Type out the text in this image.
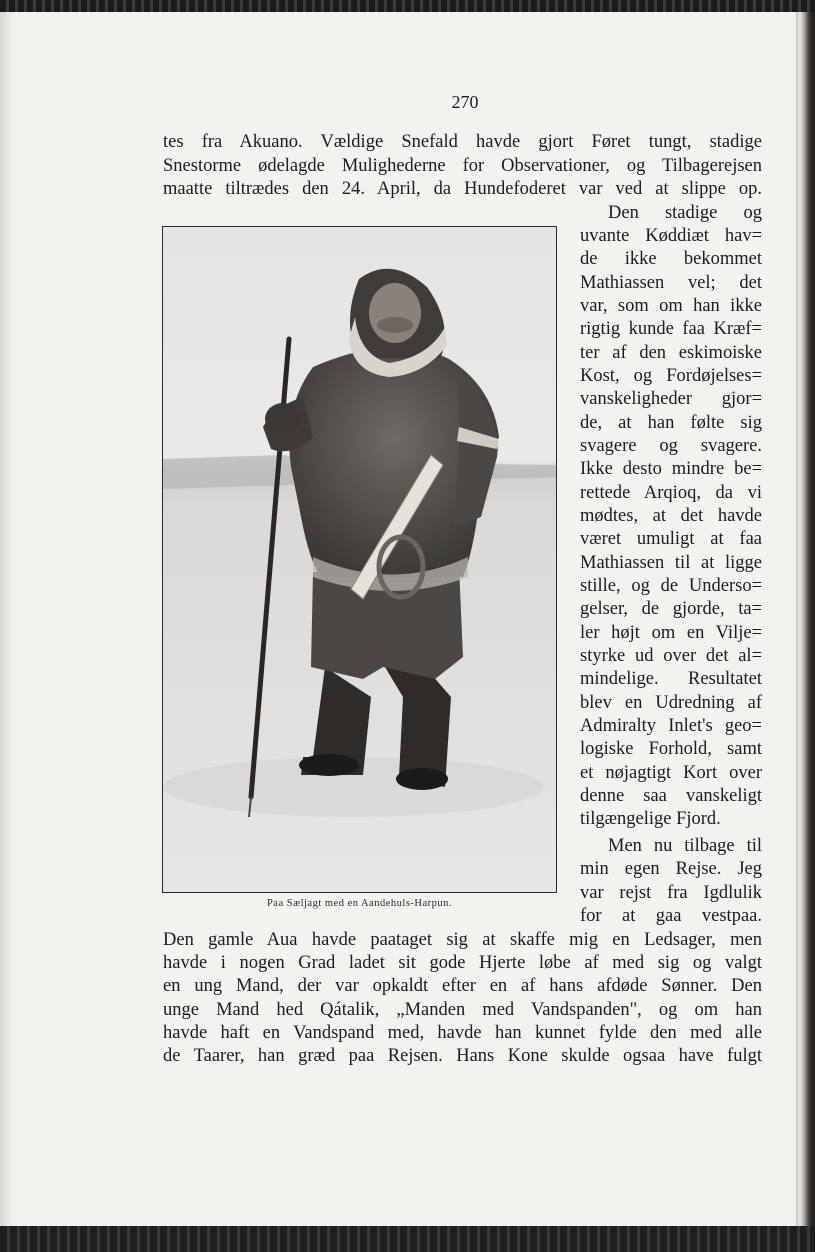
270
tes fra Akuano. Vældige Snefald havde gjort Føret tungt, stadige
Snestorme ødelagde Mulighederne for Observationer, og Tilbagerejsen
maatte tiltrædes den 24. April, da Hundefoderet var ved at slippe op.
Den stadige og
uvante Køddiæt hav=
de ikke bekommet
Mathiassen vel; det
var, som om han ikke
rigtig kunde faa Kræf=
ter af den eskimoiske
Kost, og Fordøjelses=
vanskeligheder gjor=
de, at han følte sig
svagere og svagere.
Ikke desto mindre be=
rettede Arqioq, da vi
mødtes, at det havde
været umuligt at faa
Mathiassen til at ligge
stille, og de Underso=
gelser, de gjorde, ta=
ler højt om en Vilje=
styrke ud over det al=
mindelige. Resultatet
blev en Udredning af
Admiralty Inlet's geo=
logiske Forhold, samt
et nøjagtigt Kort over
denne saa vanskeligt
tilgængelige Fjord.
Men nu tilbage til
min egen Rejse. Jeg
var rejst fra Igdlulik
for at gaa vestpaa.
Den gamle Aua havde paataget sig at skaffe mig en Ledsager, men
havde i nogen Grad ladet sit gode Hjerte løbe af med sig og valgt
en ung Mand, der var opkaldt efter en af hans afdøde Sønner. Den
unge Mand hed Qátalik, „Manden med Vandspanden", og om han
havde haft en Vandspand med, havde han kunnet fylde den med alle
de Taarer, han græd paa Rejsen. Hans Kone skulde ogsaa have fulgt
Paa Sæljagt med en Aandehuls-Harpun.
